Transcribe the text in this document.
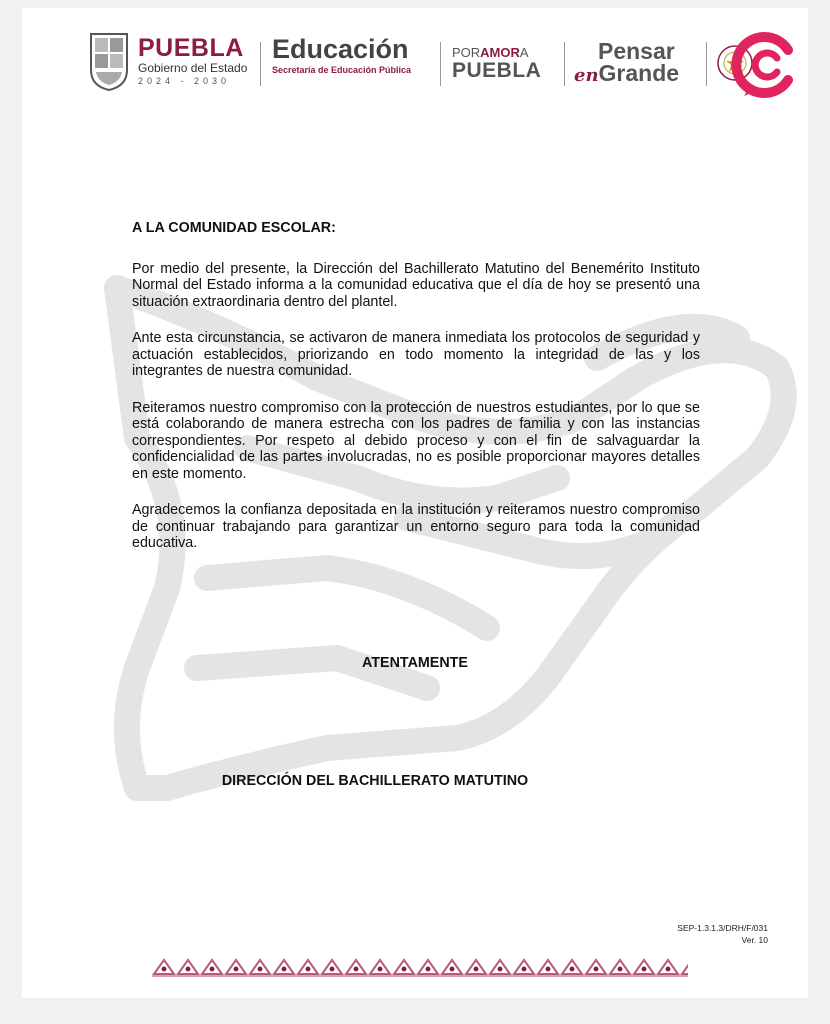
PUEBLA
Gobierno del Estado
2024 - 2030
Educación
Secretaría de Educación Pública
PORAMORA
PUEBLA
Pensar
enGrande

A LA COMUNIDAD ESCOLAR:

Por medio del presente, la Dirección del Bachillerato Matutino del Benemérito Instituto Normal del Estado informa a la comunidad educativa que el día de hoy se presentó una situación extraordinaria dentro del plantel.

Ante esta circunstancia, se activaron de manera inmediata los protocolos de seguridad y actuación establecidos, priorizando en todo momento la integridad de las y los integrantes de nuestra comunidad.

Reiteramos nuestro compromiso con la protección de nuestros estudiantes, por lo que se está colaborando de manera estrecha con los padres de familia y con las instancias correspondientes. Por respeto al debido proceso y con el fin de salvaguardar la confidencialidad de las partes involucradas, no es posible proporcionar mayores detalles en este momento.

Agradecemos la confianza depositada en la institución y reiteramos nuestro compromiso de continuar trabajando para garantizar un entorno seguro para toda la comunidad educativa.

ATENTAMENTE
DIRECCIÓN DEL BACHILLERATO MATUTINO
SEP-1.3.1.3/DRH/F/031
Ver. 10
